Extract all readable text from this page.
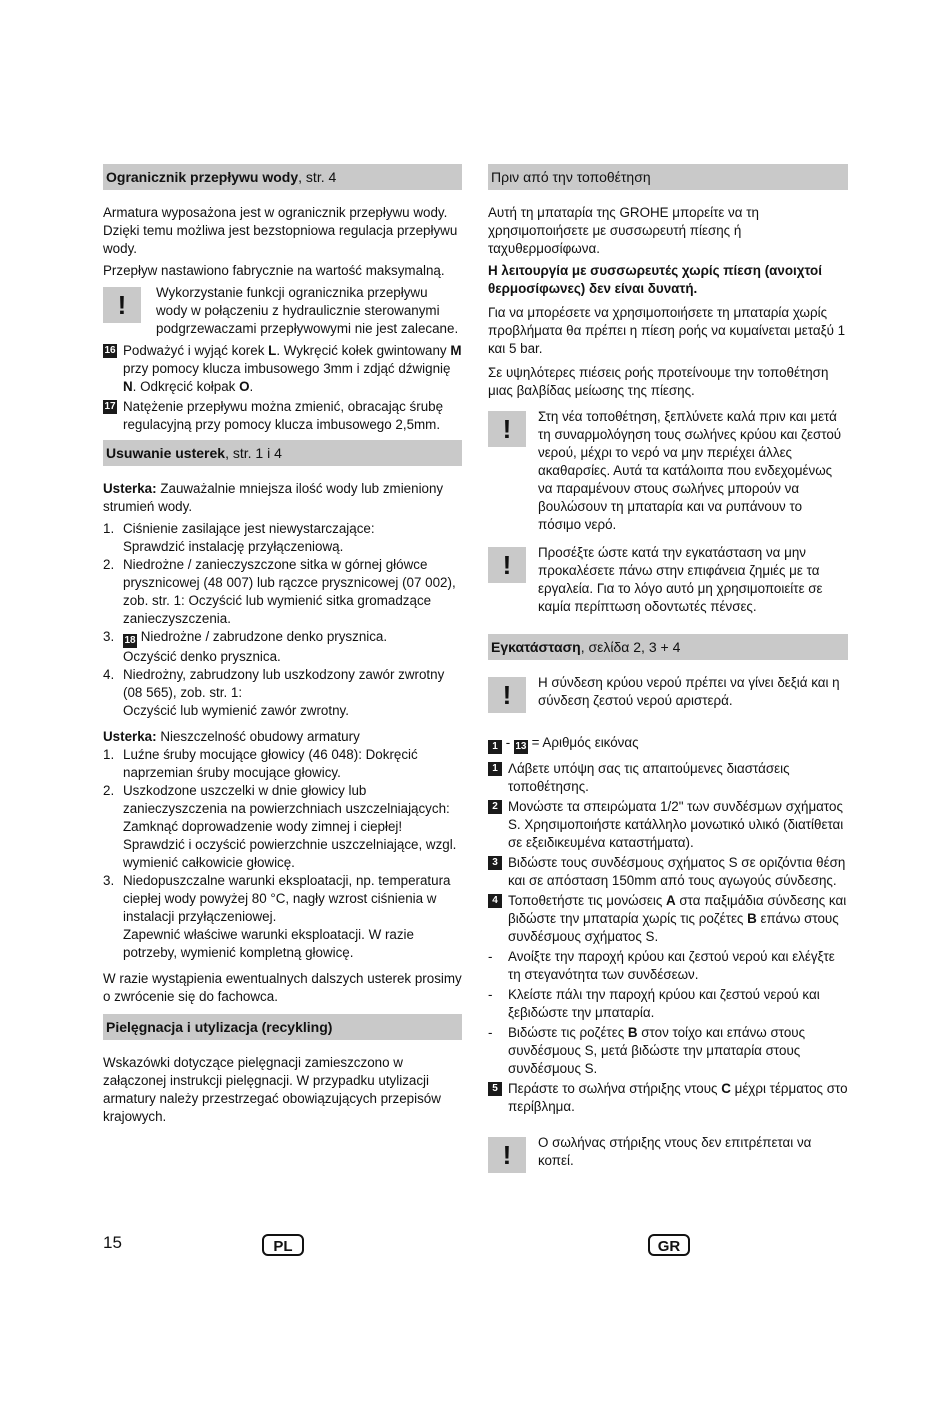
Ogranicznik przepływu wody, str. 4

Armatura wyposażona jest w ogranicznik przepływu wody. Dzięki temu możliwa jest bezstopniowa regulacja przepływu wody.

Przepływ nastawiono fabrycznie na wartość maksymalną.

!	Wykorzystanie funkcji ogranicznika przepływu wody w połączeniu z hydraulicznie sterowanymi podgrzewaczami przepływowymi nie jest zalecane.
16 Podważyć i wyjąć korek L. Wykręcić kołek gwintowany M przy pomocy klucza imbusowego 3mm i zdjąć dźwignię N. Odkręcić kołpak O.
17 Natężenie przepływu można zmienić, obracając śrubę regulacyjną przy pomocy klucza imbusowego 2,5mm.
Usuwanie usterek, str. 1 i 4

Usterka: Zauważalnie mniejsza ilość wody lub zmieniony strumień wody.

1. Ciśnienie zasilające jest niewystarczające:
Sprawdzić instalację przyłączeniową.
2. Niedrożne / zanieczyszczone sitka w górnej główce prysznicowej (48 007) lub rączce prysznicowej (07 002), zob. str. 1: Oczyścić lub wymienić sitka gromadzące zanieczyszczenia.
3. 18 Niedrożne / zabrudzone denko prysznica.
Oczyścić denko prysznica.
4. Niedrożny, zabrudzony lub uszkodzony zawór zwrotny (08 565), zob. str. 1:
Oczyścić lub wymienić zawór zwrotny.

Usterka: Nieszczelność obudowy armatury

1. Luźne śruby mocujące głowicy (46 048): Dokręcić naprzemian śruby mocujące głowicy.
2. Uszkodzone uszczelki w dnie głowicy lub zanieczyszczenia na powierzchniach uszczelniających:
Zamknąć doprowadzenie wody zimnej i ciepłej!
Sprawdzić i oczyścić powierzchnie uszczelniające, wzgl. wymienić całkowicie głowicę.
3. Niedopuszczalne warunki eksploatacji, np. temperatura ciepłej wody powyżej 80 °C, nagły wzrost ciśnienia w instalacji przyłączeniowej.
Zapewnić właściwe warunki eksploatacji. W razie potrzeby, wymienić kompletną głowicę.

W razie wystąpienia ewentualnych dalszych usterek prosimy o zwrócenie się do fachowca.

Pielęgnacja i utylizacja (recykling)

Wskazówki dotyczące pielęgnacji zamieszczono w załączonej instrukcji pielęgnacji. W przypadku utylizacji armatury należy przestrzegać obowiązujących przepisów krajowych.

Πριν από την τοποθέτηση

Αυτή τη μπαταρία της GROHE μπορείτε να τη χρησιμοποιήσετε με συσσωρευτή πίεσης ή ταχυθερμοσίφωνα.

Η λειτουργία με συσσωρευτές χωρίς πίεση (ανοιχτοί θερμοσίφωνες) δεν είναι δυνατή.

Για να μπορέσετε να χρησιμοποιήσετε τη μπαταρία χωρίς προβλήματα θα πρέπει η πίεση ροής να κυμαίνεται μεταξύ 1 και 5 bar.

Σε υψηλότερες πιέσεις ροής προτείνουμε την τοποθέτηση μιας βαλβίδας μείωσης της πίεσης.

!	Στη νέα τοποθέτηση, ξεπλύνετε καλά πριν και μετά τη συναρμολόγηση τους σωλήνες κρύου και ζεστού νερού, μέχρι το νερό να μην περιέχει άλλες ακαθαρσίες. Αυτά τα κατάλοιπα που ενδεχομένως να παραμένουν στους σωλήνες μπορούν να βουλώσουν τη μπαταρία και να ρυπάνουν το πόσιμο νερό.
!	Προσέξτε ώστε κατά την εγκατάσταση να μην προκαλέσετε πάνω στην επιφάνεια ζημιές με τα εργαλεία. Για το λόγο αυτό μη χρησιμοποιείτε σε καμία περίπτωση οδοντωτές πένσες.
Εγκατάσταση, σελίδα 2, 3 + 4
!	Η σύνδεση κρύου νερού πρέπει να γίνει δεξιά και η σύνδεση ζεστού νερού αριστερά.

1 - 13 = Αριθμός εικόνας

1 Λάβετε υπόψη σας τις απαιτούμενες διαστάσεις τοποθέτησης.
2 Μονώστε τα σπειρώματα 1/2" των συνδέσμων σχήματος S. Χρησιμοποιήστε κατάλληλο μονωτικό υλικό (διατίθεται σε εξειδικευμένα καταστήματα).
3 Βιδώστε τους συνδέσμους σχήματος S σε οριζόντια θέση και σε απόσταση 150mm από τους αγωγούς σύνδεσης.
4 Τοποθετήστε τις μονώσεις A στα παξιμάδια σύνδεσης και βιδώστε την μπαταρία χωρίς τις ροζέτες B επάνω στους συνδέσμους σχήματος S.
- Ανοίξτε την παροχή κρύου και ζεστού νερού και ελέγξτε τη στεγανότητα των συνδέσεων.
- Κλείστε πάλι την παροχή κρύου και ζεστού νερού και ξεβιδώστε την μπαταρία.
- Βιδώστε τις ροζέτες B στον τοίχο και επάνω στους συνδέσμους S, μετά βιδώστε την μπαταρία στους συνδέσμους S.
5 Περάστε το σωλήνα στήριξης ντους C μέχρι τέρματος στο περίβλημα.
!	Ο σωλήνας στήριξης ντους δεν επιτρέπεται να κοπεί.
15	PL	GR
